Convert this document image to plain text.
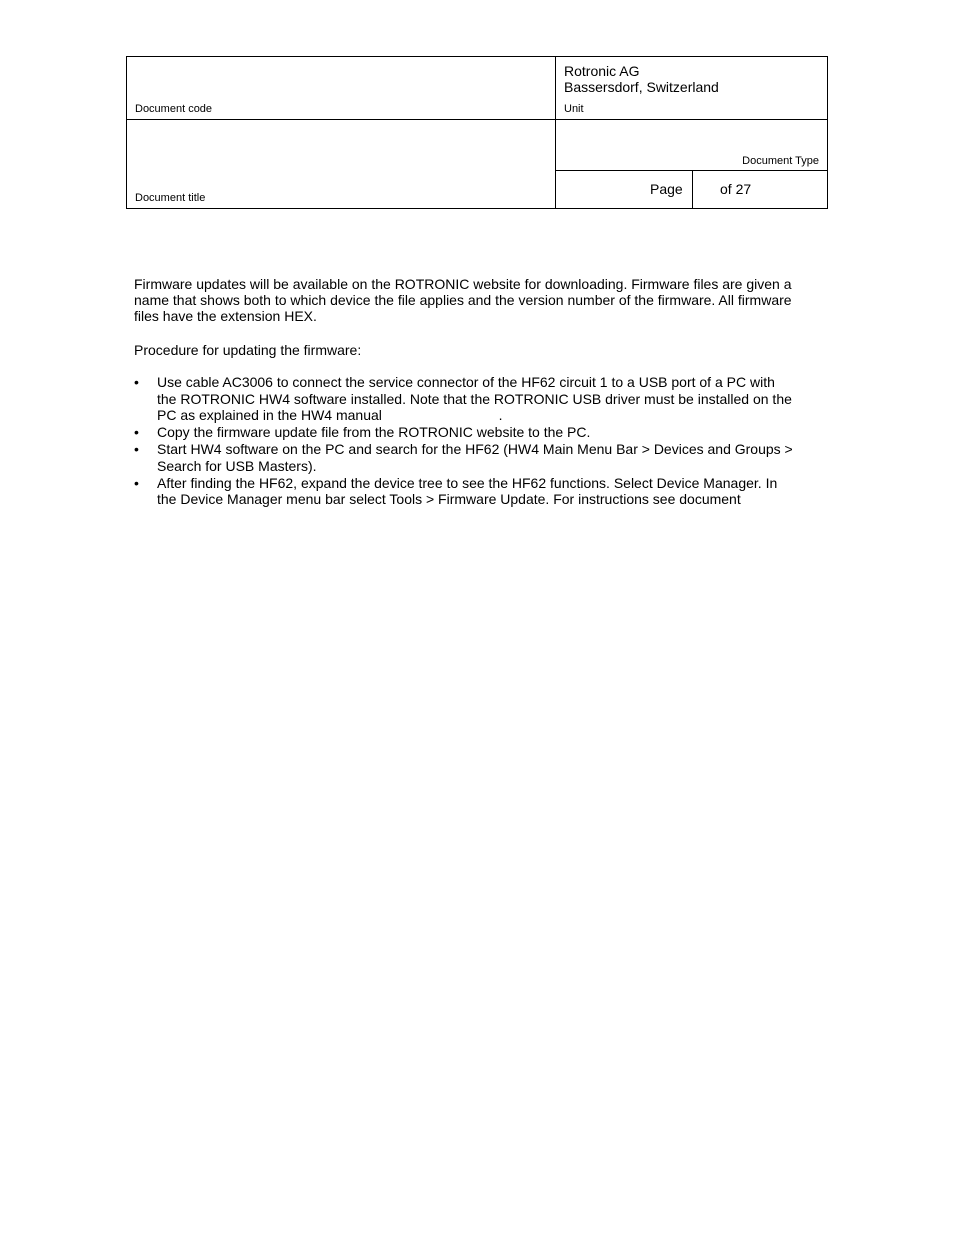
Document code
Rotronic AG
Bassersdorf, Switzerland
Unit
Document title
Document Type
Page	of 27

Firmware updates will be available on the ROTRONIC website for downloading. Firmware files are given a name that shows both to which device the file applies and the version number of the firmware. All firmware files have the extension HEX.

Procedure for updating the firmware:

• Use cable AC3006 to connect the service connector of the HF62 circuit 1 to a USB port of a PC with the ROTRONIC HW4 software installed. Note that the ROTRONIC USB driver must be installed on the PC as explained in the HW4 manual                              .
• Copy the firmware update file from the ROTRONIC website to the PC.
• Start HW4 software on the PC and search for the HF62 (HW4 Main Menu Bar > Devices and Groups > Search for USB Masters).
• After finding the HF62, expand the device tree to see the HF62 functions. Select Device Manager. In the Device Manager menu bar select Tools > Firmware Update. For instructions see document
